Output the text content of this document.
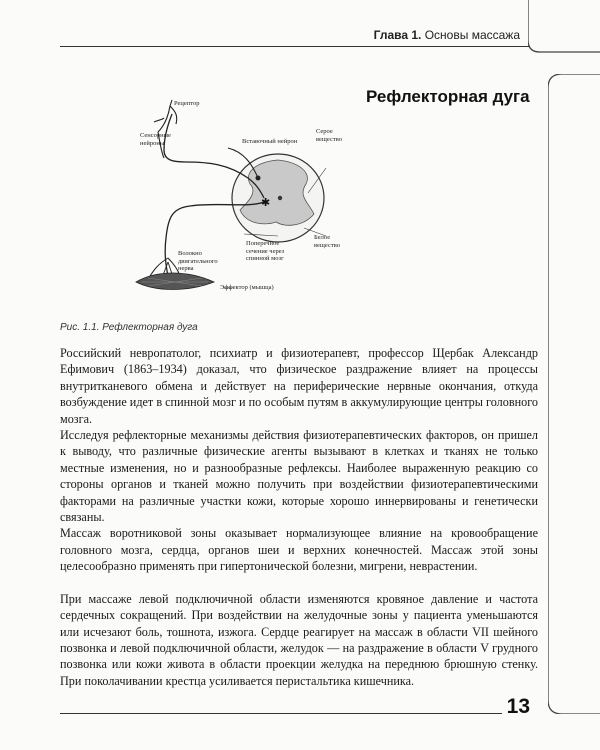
Глава 1. Основы массажа
Рефлекторная дуга
✱
Рецептор
Сенсорные
нейроны	Вставочный нейрон
Серое
вещество
Белое
вещество
Поперечное
сечение через
спинной мозг
Волокно
двигательного
нерва
Эффектор (мышца)
Рис. 1.1. Рефлекторная дуга

Российский невропатолог, психиатр и физиотерапевт, профессор Щербак Александр Ефимович (1863–1934) доказал, что физическое раздражение влияет на процессы внутритканевого обмена и действует на периферические нервные окончания, откуда возбуждение идет в спинной мозг и по особым путям в аккумулирующие центры головного мозга.

Исследуя рефлекторные механизмы действия физиотерапевтических факторов, он пришел к выводу, что различные физические агенты вызывают в клетках и тканях не только местные изменения, но и разнообразные рефлексы. Наиболее выраженную реакцию со стороны органов и тканей можно получить при воздействии физиотерапевтическими факторами на различные участки кожи, которые хорошо иннервированы и генетически связаны.

Массаж воротниковой зоны оказывает нормализующее влияние на кровообращение головного мозга, сердца, органов шеи и верхних конечностей. Массаж этой зоны целесообразно применять при гипертонической болезни, мигрени, неврастении.

При массаже левой подключичной области изменяются кровяное давление и частота сердечных сокращений. При воздействии на желудочные зоны у пациента уменьшаются или исчезают боль, тошнота, изжога. Сердце реагирует на массаж в области VII шейного позвонка и левой подключичной области, желудок — на раздражение в области V грудного позвонка или кожи живота в области проекции желудка на переднюю брюшную стенку. При поколачивании крестца усиливается перистальтика кишечника.

13
